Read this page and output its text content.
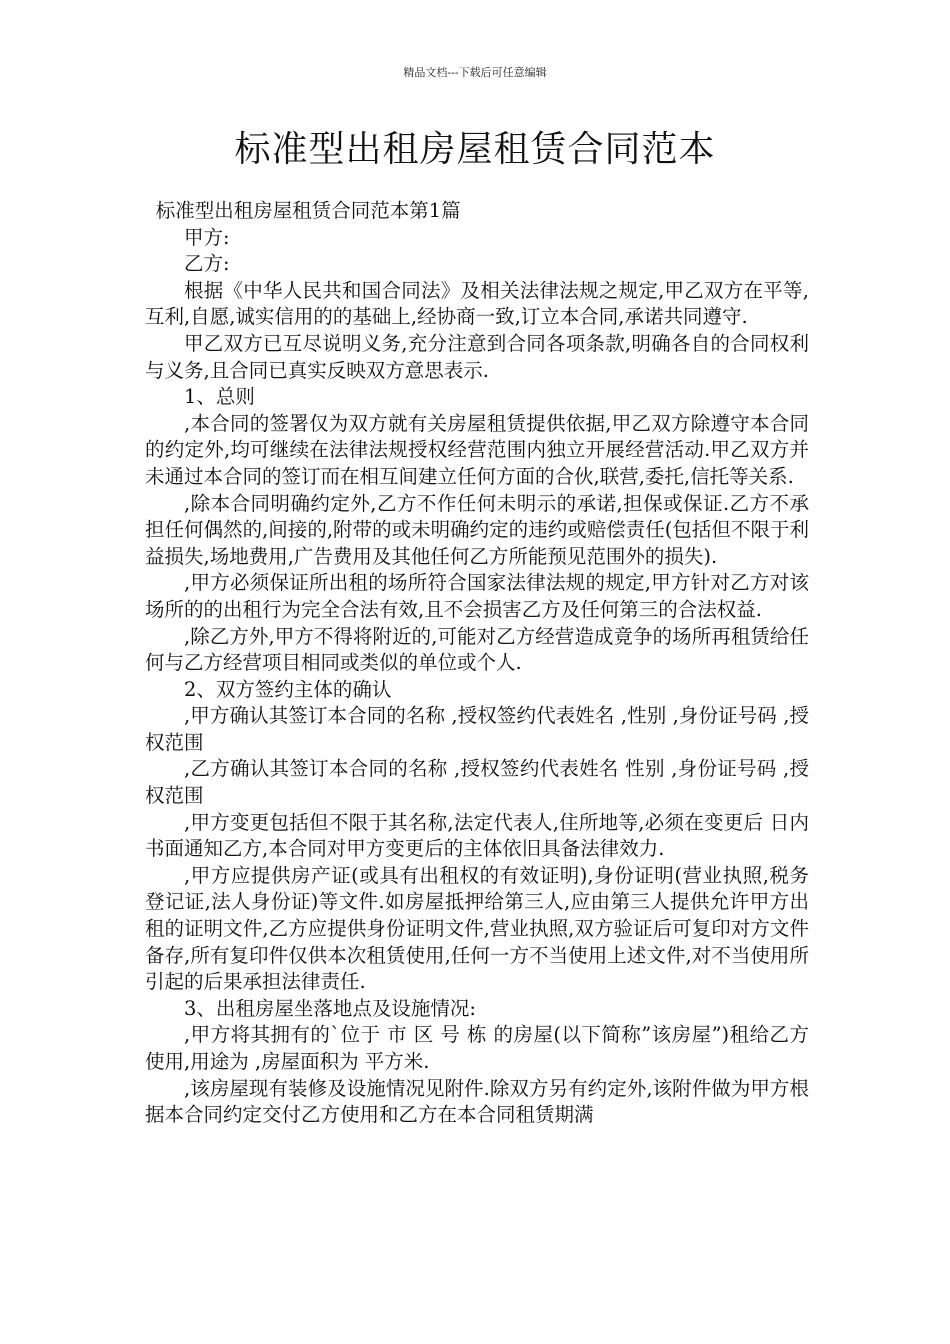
精品文档---下载后可任意编辑
标准型出租房屋租赁合同范本

标准型出租房屋租赁合同范本第1篇

甲方:

乙方:

根据《中华人民共和国合同法》及相关法律法规之规定,甲乙双方在平等,互利,自愿,诚实信用的的基础上,经协商一致,订立本合同,承诺共同遵守.

甲乙双方已互尽说明义务,充分注意到合同各项条款,明确各自的合同权利与义务,且合同已真实反映双方意思表示.

1、总则

,本合同的签署仅为双方就有关房屋租赁提供依据,甲乙双方除遵守本合同的约定外,均可继续在法律法规授权经营范围内独立开展经营活动.甲乙双方并未通过本合同的签订而在相互间建立任何方面的合伙,联营,委托,信托等关系.

,除本合同明确约定外,乙方不作任何未明示的承诺,担保或保证.乙方不承担任何偶然的,间接的,附带的或未明确约定的违约或赔偿责任(包括但不限于利益损失,场地费用,广告费用及其他任何乙方所能预见范围外的损失).

,甲方必须保证所出租的场所符合国家法律法规的规定,甲方针对乙方对该场所的的出租行为完全合法有效,且不会损害乙方及任何第三的合法权益.

,除乙方外,甲方不得将附近的,可能对乙方经营造成竟争的场所再租赁给任何与乙方经营项目相同或类似的单位或个人.

2、双方签约主体的确认

,甲方确认其签订本合同的名称 ,授权签约代表姓名 ,性别 ,身份证号码 ,授权范围

,乙方确认其签订本合同的名称 ,授权签约代表姓名 性别 ,身份证号码 ,授权范围

,甲方变更包括但不限于其名称,法定代表人,住所地等,必须在变更后 日内书面通知乙方,本合同对甲方变更后的主体依旧具备法律效力.

,甲方应提供房产证(或具有出租权的有效证明),身份证明(营业执照,税务登记证,法人身份证)等文件.如房屋抵押给第三人,应由第三人提供允许甲方出租的证明文件,乙方应提供身份证明文件,营业执照,双方验证后可复印对方文件备存,所有复印件仅供本次租赁使用,任何一方不当使用上述文件,对不当使用所引起的后果承担法律责任.

3、出租房屋坐落地点及设施情况:

,甲方将其拥有的`位于 市 区 号 栋 的房屋(以下简称”该房屋”)租给乙方使用,用途为 ,房屋面积为 平方米.

,该房屋现有装修及设施情况见附件.除双方另有约定外,该附件做为甲方根据本合同约定交付乙方使用和乙方在本合同租赁期满
